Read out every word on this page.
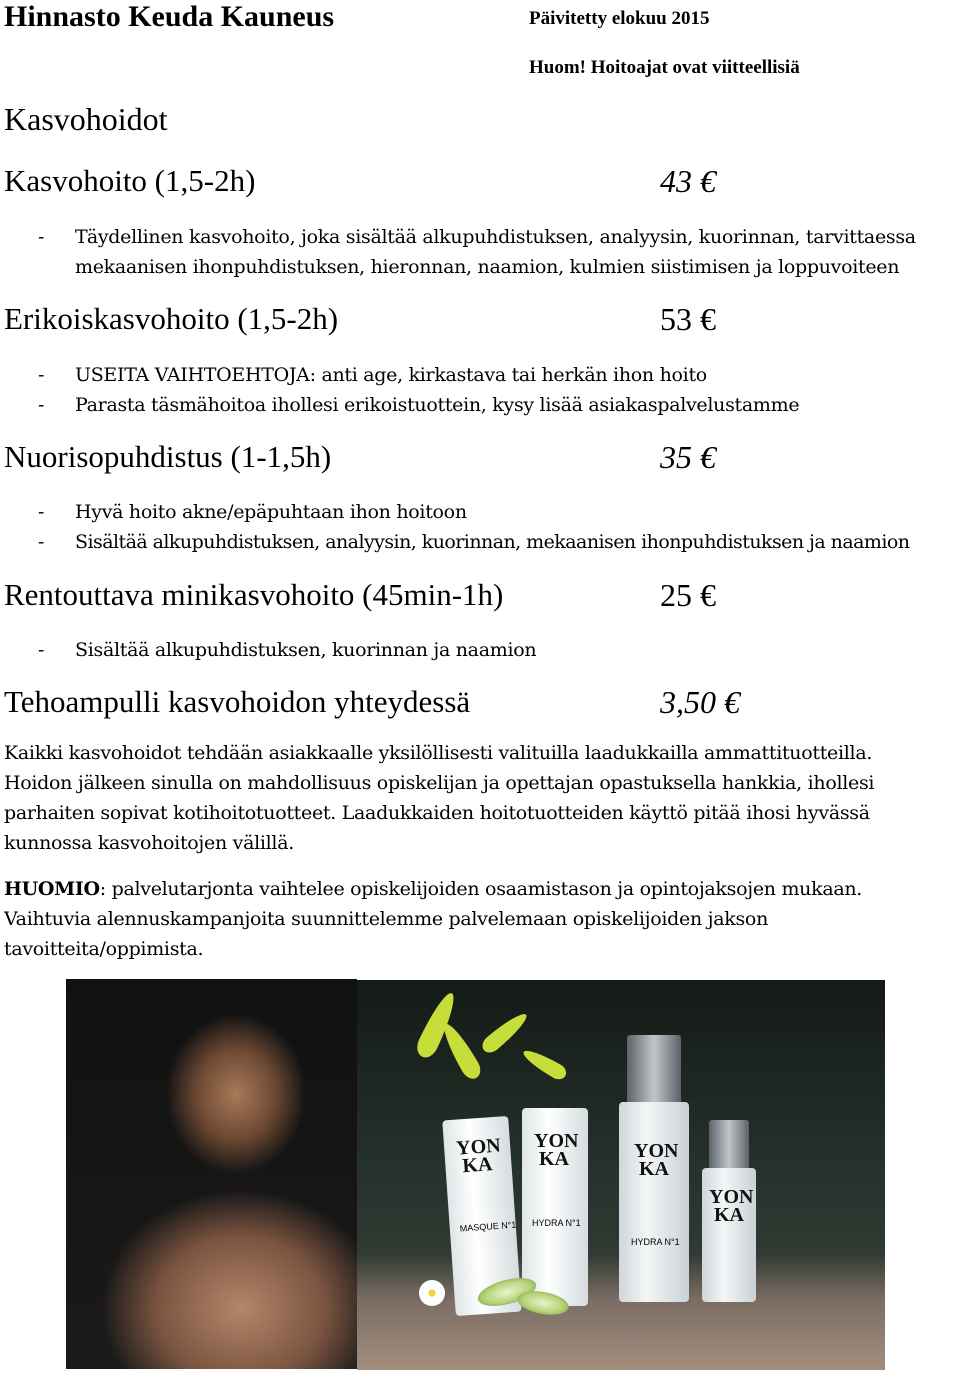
Hinnasto Keuda Kauneus	Päivitetty elokuu 2015
Huom! Hoitoajat ovat viitteellisiä
Kasvohoidot
Kasvohoito (1,5-2h)	43 €
- Täydellinen kasvohoito, joka sisältää alkupuhdistuksen, analyysin, kuorinnan, tarvittaessa
mekaanisen ihonpuhdistuksen, hieronnan, naamion, kulmien siistimisen ja loppuvoiteen
Erikoiskasvohoito (1,5-2h)	53 €
- USEITA VAIHTOEHTOJA: anti age, kirkastava tai herkän ihon hoito
- Parasta täsmähoitoa ihollesi erikoistuottein, kysy lisää asiakaspalvelustamme
Nuorisopuhdistus (1-1,5h)	35 €
- Hyvä hoito akne/epäpuhtaan ihon hoitoon
- Sisältää alkupuhdistuksen, analyysin, kuorinnan, mekaanisen ihonpuhdistuksen ja naamion
Rentouttava minikasvohoito (45min-1h)	25 €
- Sisältää alkupuhdistuksen, kuorinnan ja naamion
Tehoampulli kasvohoidon yhteydessä	3,50 €
Kaikki kasvohoidot tehdään asiakkaalle yksilöllisesti valituilla laadukkailla ammattituotteilla.
Hoidon jälkeen sinulla on mahdollisuus opiskelijan ja opettajan opastuksella hankkia, ihollesi
parhaiten sopivat kotihoitotuotteet. Laadukkaiden hoitotuotteiden käyttö pitää ihosi hyvässä
kunnossa kasvohoitojen välillä.
HUOMIO: palvelutarjonta vaihtelee opiskelijoiden osaamistason ja opintojaksojen mukaan.
Vaihtuvia alennuskampanjoita suunnittelemme palvelemaan opiskelijoiden jakson
tavoitteita/oppimista.
YON
KA
MASQUE N°1
YON
KA
HYDRA N°1
YON
KA
HYDRA N°1
YON
KA
